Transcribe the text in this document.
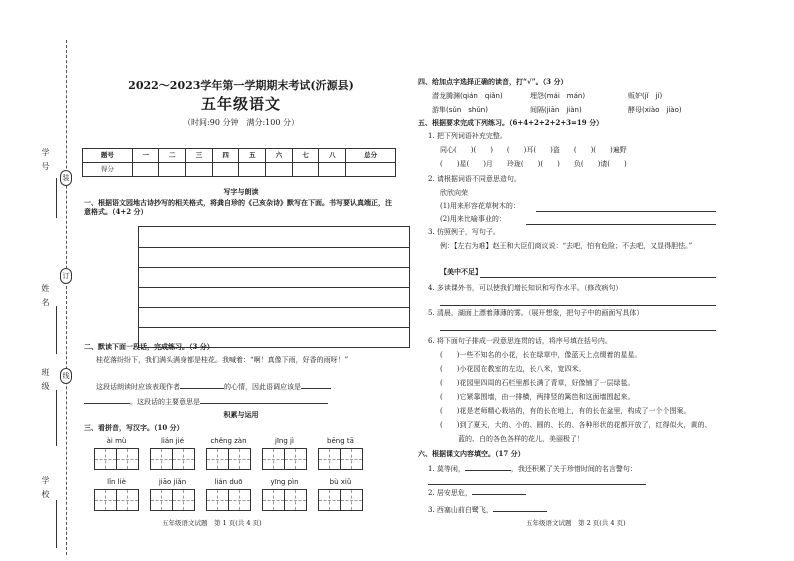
学号
姓名
班级
学校
装
订
线
2022～2023学年第一学期期末考试(沂源县)
五年级语文
（时间:90 分钟　满分:100 分）
题号	一	二	三	四	五	六	七	八	总分
得分									
写字与朗读
一、根据语文园地古诗抄写的相关格式，将龚自珍的《己亥杂诗》默写在下面。书写要认真端正，注意格式。（4+2 分）
二、默读下面一段话，完成练习。（3 分）
桂花落纷纷下，我们满头满身都是桂花。我喊着：“啊！真像下雨，好香的雨呀！”
这段话朗读时应该表现作者	的心情，因此语调应该是
。这段话的主要意思是
积累与运用
三、看拼音，写汉字。（10 分）
ài mù	lián jié	chěng zàn	jīng jì	bēng tā
lǐn liè	jiāo jiǎn	lián duō	yīng pìn	bù xiǔ
五年级语文试题　第 1 页(共 4 页)
四、给加点字选择正确的读音，打“√”。（3 分）
潜龙腾渊(qián　qiǎn)	埋怨(mái　mán)	贩妒(jǐ　jí)
游隼(sǔn　shǔn)	间隔(jiān　jiàn)	酵母(xiào　jiào)
五、根据要求完成下列练习。（6+4+2+2+2+3=19 分）
1. 把下列词语补充完整。
同心(　　)(　　)　　(　　)耳(　　)盗　　(　　)(　　)遍野
(　　)星(　　)月　　玲珑(　　)(　　)　　负(　　)请(　　)
2. 请根据词语不同意思造句。
欣欣向荣
(1)用来形容花草树木的：
(2)用来比喻事业的：
3. 仿照例子，写句子。
例：【左右为难】赵王和大臣们商议说：“去吧，怕有危险；不去吧，又显得胆怯。”
【美中不足】
4. 多读课外书，可以使我们增长知识和写作水平。（修改病句）
5. 清晨，湖面上漂着薄薄的雾。（展开想象，把句子中的画面写具体）
6. 将下面句子排成一段意思连贯的话，将序号填在括号内。
(　　)一些不知名的小花，长在绿草中，像蓝天上点缀着的星星。
(　　)小花园在教室的左边，长八米，宽四米。
(　　)花园里四周的石栏里都长满了青草，好像铺了一层绿毯。
(　　)它紧靠围墙，由一排横，两排竖的篱笆和这面墙围起来。
(　　)花是老师精心栽培的，有的长在地上，有的长在盆里，构成了一个个图案。
(　　)到了夏天，大的、小的、圆的、长的、各种形状的花都开放了，红得似火，黄的、
蓝的、白的各色各样的花儿，美丽极了！
六、根据课文内容填空。（17 分）
1. 莫等闲，	，我还积累了关于珍惜时间的名言警句：
2. 居安思危，
3. 西塞山前白鹭飞，
五年级语文试题　第 2 页(共 4 页)
